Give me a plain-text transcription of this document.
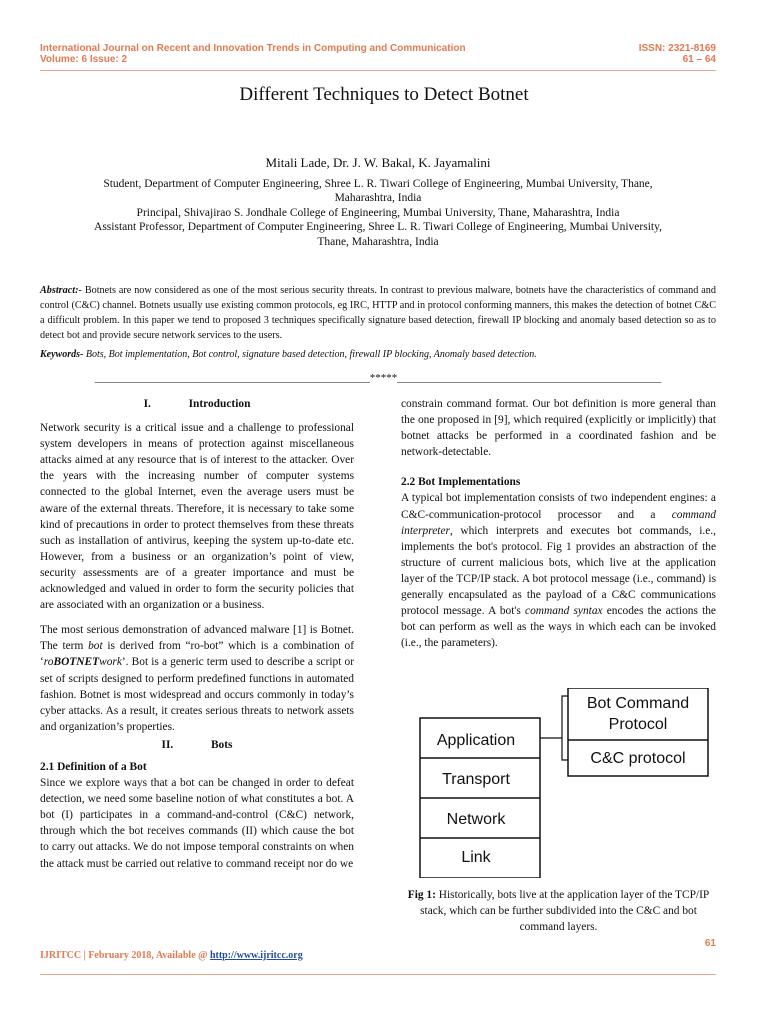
International Journal on Recent and Innovation Trends in Computing and Communication
Volume: 6 Issue: 2
ISSN: 2321-8169
61 – 64
Different Techniques to Detect Botnet
Mitali Lade, Dr. J. W. Bakal, K. Jayamalini
Student, Department of Computer Engineering, Shree L. R. Tiwari College of Engineering, Mumbai University, Thane,
Maharashtra, India
Principal, Shivajirao S. Jondhale College of Engineering, Mumbai University, Thane, Maharashtra, India
Assistant Professor, Department of Computer Engineering, Shree L. R. Tiwari College of Engineering, Mumbai University,
Thane, Maharashtra, India
Abstract:- Botnets are now considered as one of the most serious security threats. In contrast to previous malware, botnets have the characteristics of command and control (C&C) channel. Botnets usually use existing common protocols, eg IRC, HTTP and in protocol conforming manners, this makes the detection of botnet C&C a difficult problem. In this paper we tend to proposed 3 techniques specifically signature based detection, firewall IP blocking and anomaly based detection so as to detect bot and provide secure network services to the users.
Keywords- Bots, Bot implementation, Bot control, signature based detection, firewall IP blocking, Anomaly based detection.
__________________________________________________*****________________________________________________
I.	Introduction

Network security is a critical issue and a challenge to professional system developers in means of protection against miscellaneous attacks aimed at any resource that is of interest to the attacker. Over the years with the increasing number of computer systems connected to the global Internet, even the average users must be aware of the external threats. Therefore, it is necessary to take some kind of precautions in order to protect themselves from these threats such as installation of antivirus, keeping the system up-to-date etc. However, from a business or an organization’s point of view, security assessments are of a greater importance and must be acknowledged and valued in order to form the security policies that are associated with an organization or a business.

The most serious demonstration of advanced malware [1] is Botnet. The term bot is derived from “ro-bot” which is a combination of ‘roBOTNETwork’. Bot is a generic term used to describe a script or set of scripts designed to perform predefined functions in automated fashion. Botnet is most widespread and occurs commonly in today’s cyber attacks. As a result, it creates serious threats to network assets and organization’s properties.

II.	Bots
2.1 Definition of a Bot

Since we explore ways that a bot can be changed in order to defeat detection, we need some baseline notion of what constitutes a bot. A bot (I) participates in a command-and-control (C&C) network, through which the bot receives commands (II) which cause the bot to carry out attacks. We do not impose temporal constraints on when the attack must be carried out relative to command receipt nor do we

constrain command format. Our bot definition is more general than the one proposed in [9], which required (explicitly or implicitly) that botnet attacks be performed in a coordinated fashion and be network-detectable.

2.2 Bot Implementations

A typical bot implementation consists of two independent engines: a C&C-communication-protocol processor and a command interpreter, which interprets and executes bot commands, i.e., implements the bot's protocol. Fig 1 provides an abstraction of the structure of current malicious bots, which live at the application layer of the TCP/IP stack. A bot protocol message (i.e., command) is generally encapsulated as the payload of a C&C communications protocol message. A bot's command syntax encodes the actions the bot can perform as well as the ways in which each can be invoked (i.e., the parameters).

Application
Transport
Network
Link
Bot Command
Protocol
C&C protocol
Fig 1: Historically, bots live at the application layer of the TCP/IP stack, which can be further subdivided into the C&C and bot command layers.
61
IJRITCC | February 2018, Available @ http://www.ijritcc.org
